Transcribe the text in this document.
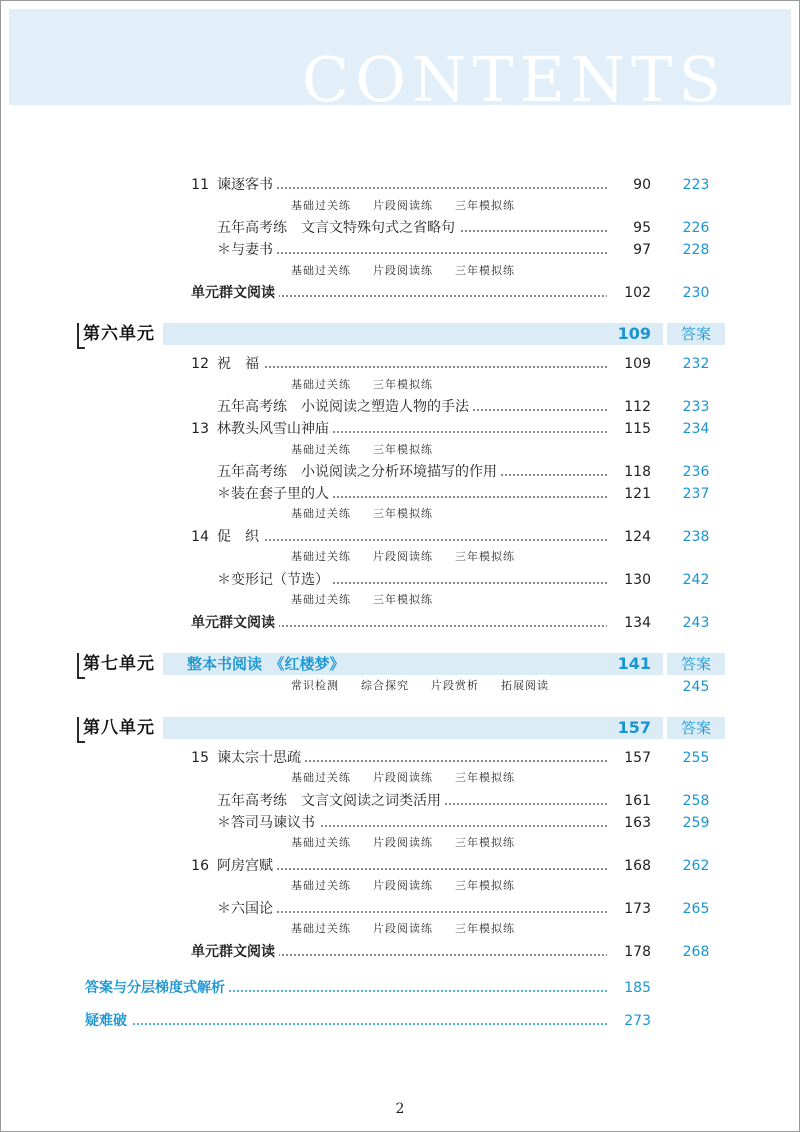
CONTENTS
11 谏逐客书	90	223
基础过关练 片段阅读练 三年模拟练
五年高考练　文言文特殊句式之省略句	95	226
＊与妻书	97	228
基础过关练 片段阅读练 三年模拟练
单元群文阅读	102	230
第六单元	109	答案
12 祝　福	109	232
基础过关练 三年模拟练
五年高考练　小说阅读之塑造人物的手法	112	233
13 林教头风雪山神庙	115	234
基础过关练 三年模拟练
五年高考练　小说阅读之分析环境描写的作用	118	236
＊装在套子里的人	121	237
基础过关练 三年模拟练
14 促　织	124	238
基础过关练 片段阅读练 三年模拟练
＊变形记（节选）	130	242
基础过关练 三年模拟练
单元群文阅读	134	243
第七单元	整本书阅读　《红楼梦》	141	答案
常识检测 综合探究 片段赏析 拓展阅读	245
第八单元	157	答案
15 谏太宗十思疏	157	255
基础过关练 片段阅读练 三年模拟练
五年高考练　文言文阅读之词类活用	161	258
＊答司马谏议书	163	259
基础过关练 片段阅读练 三年模拟练
16 阿房宫赋	168	262
基础过关练 片段阅读练 三年模拟练
＊六国论	173	265
基础过关练 片段阅读练 三年模拟练
单元群文阅读	178	268
答案与分层梯度式解析	185
疑难破	273
2
